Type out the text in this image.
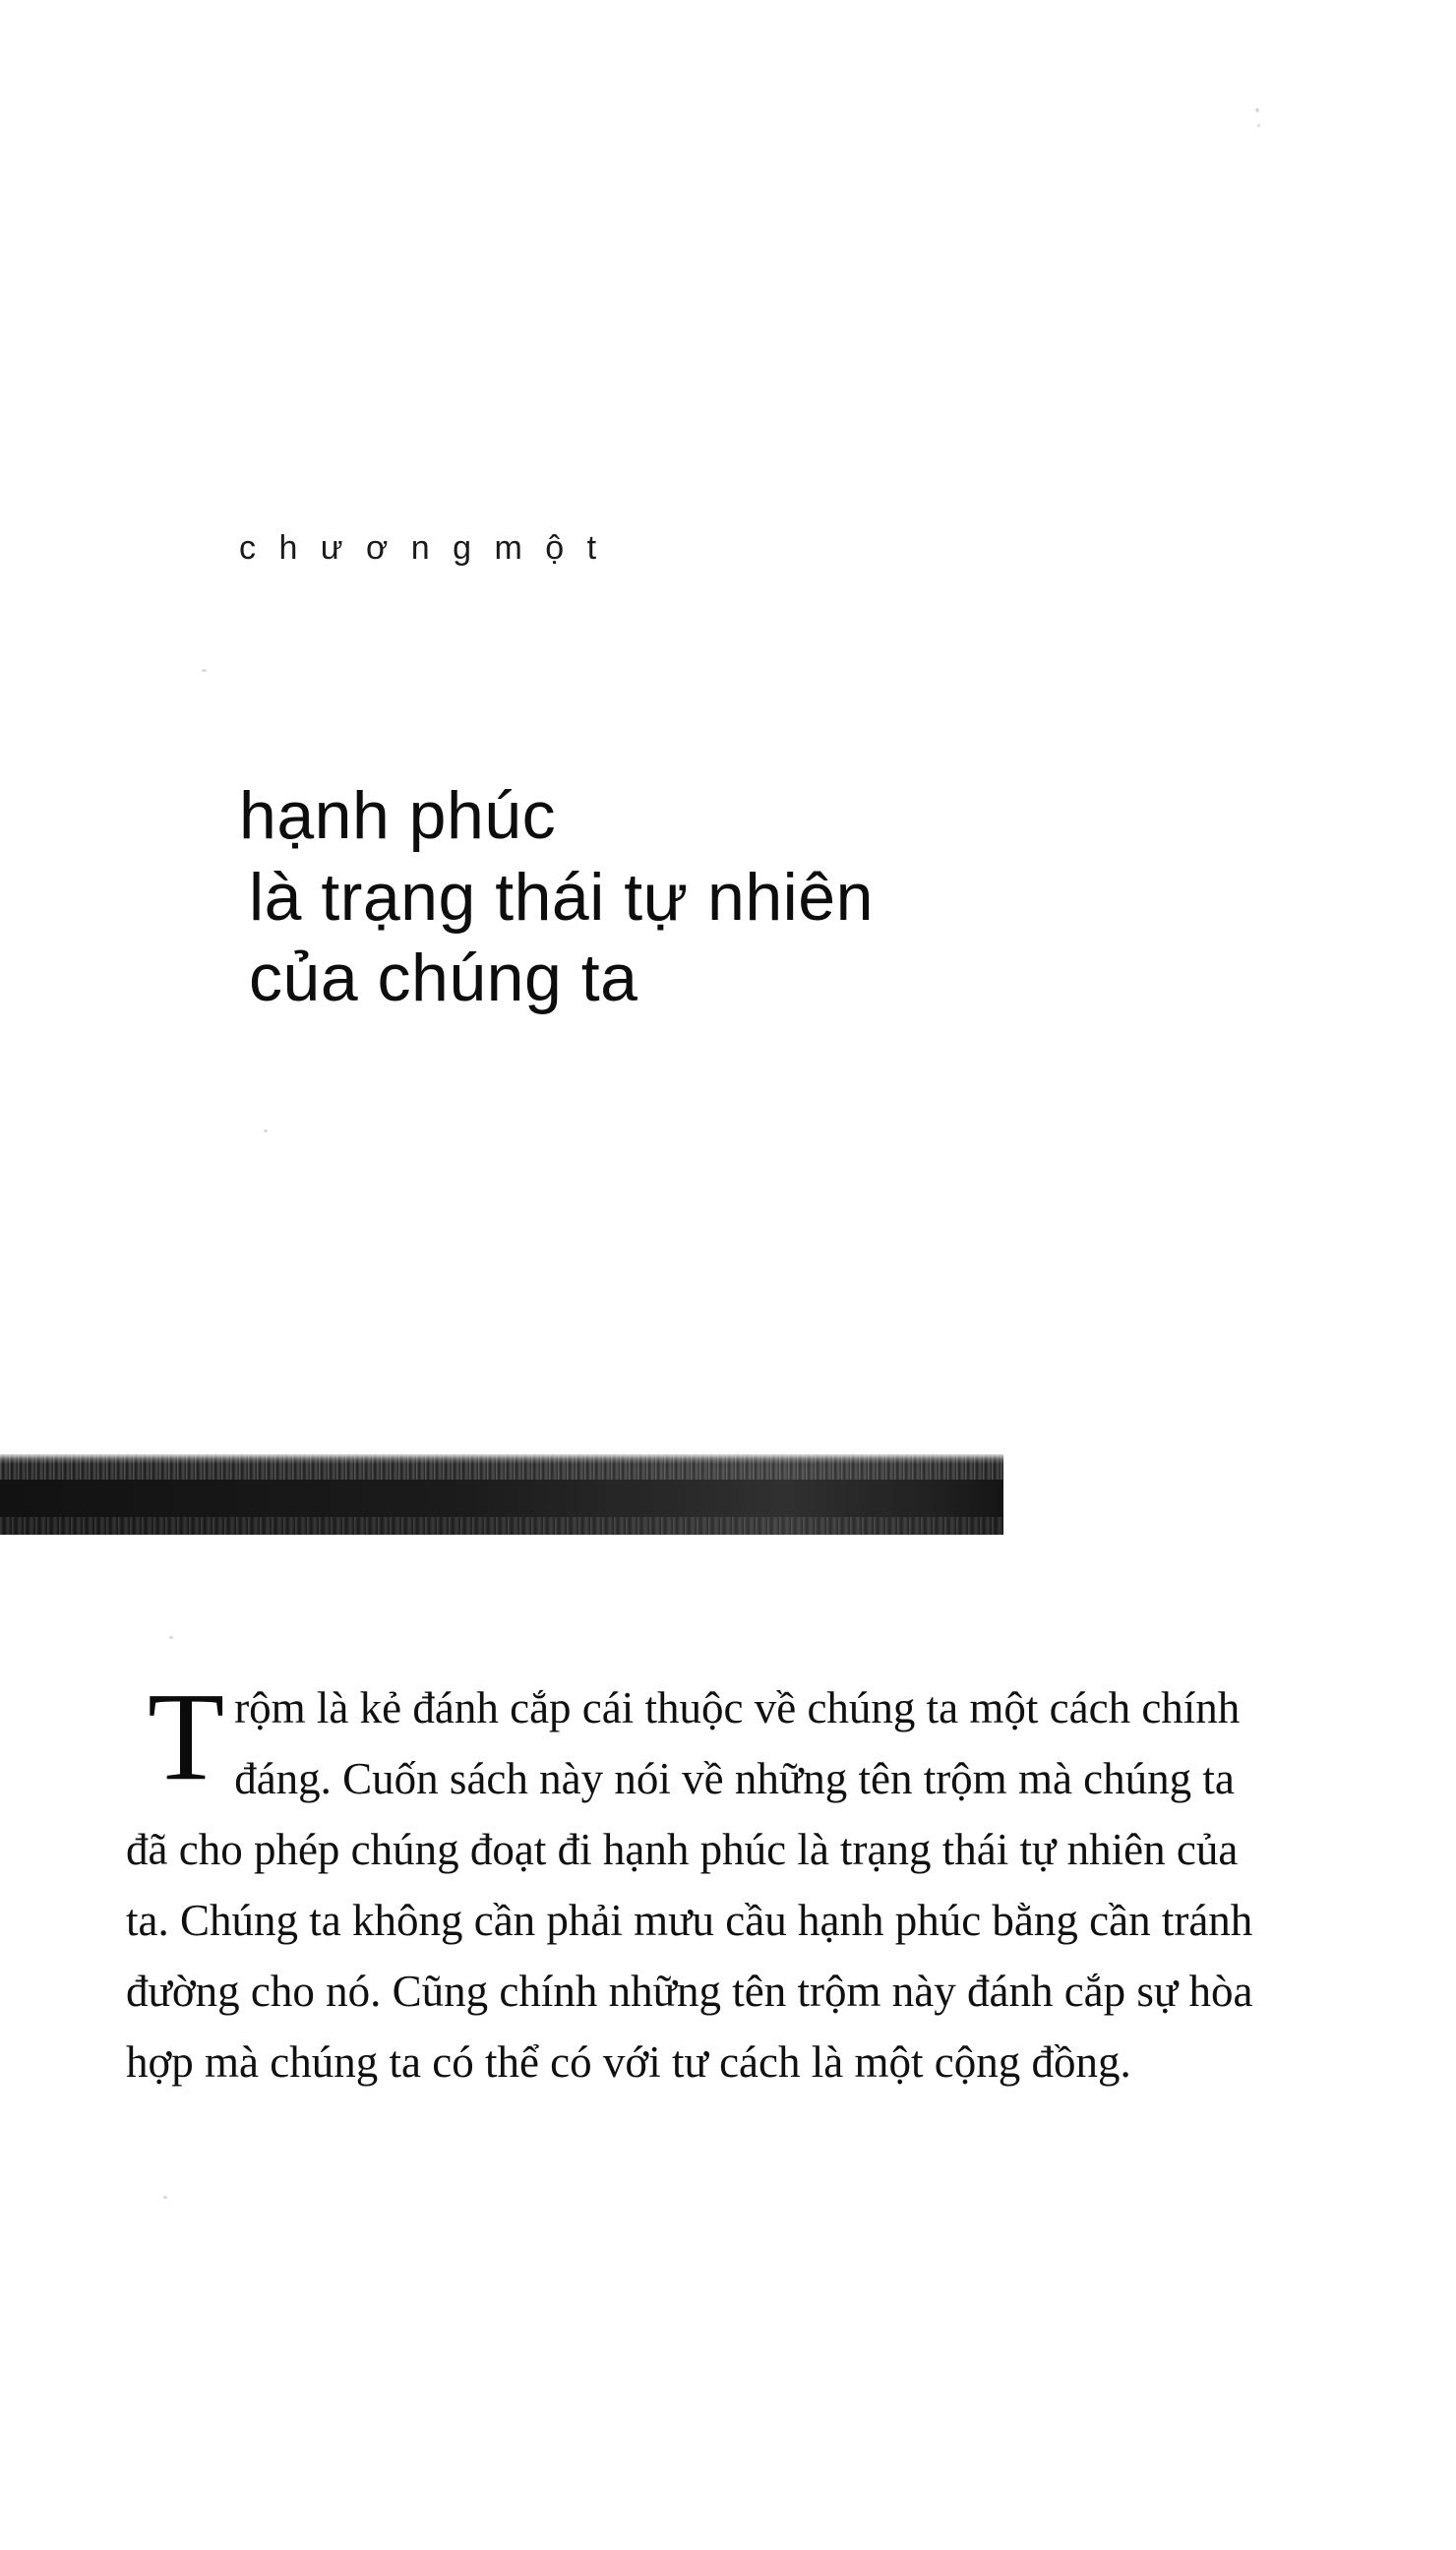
c h ư ơ n g m ộ t
hạnh phúc
là trạng thái tự nhiên
của chúng ta
T rộm là kẻ đánh cắp cái thuộc về chúng ta một cách chính đáng. Cuốn sách này nói về những tên trộm mà chúng ta đã cho phép chúng đoạt đi hạnh phúc là trạng thái tự nhiên của ta. Chúng ta không cần phải mưu cầu hạnh phúc bằng cần tránh đường cho nó. Cũng chính những tên trộm này đánh cắp sự hòa hợp mà chúng ta có thể có với tư cách là một cộng đồng.
